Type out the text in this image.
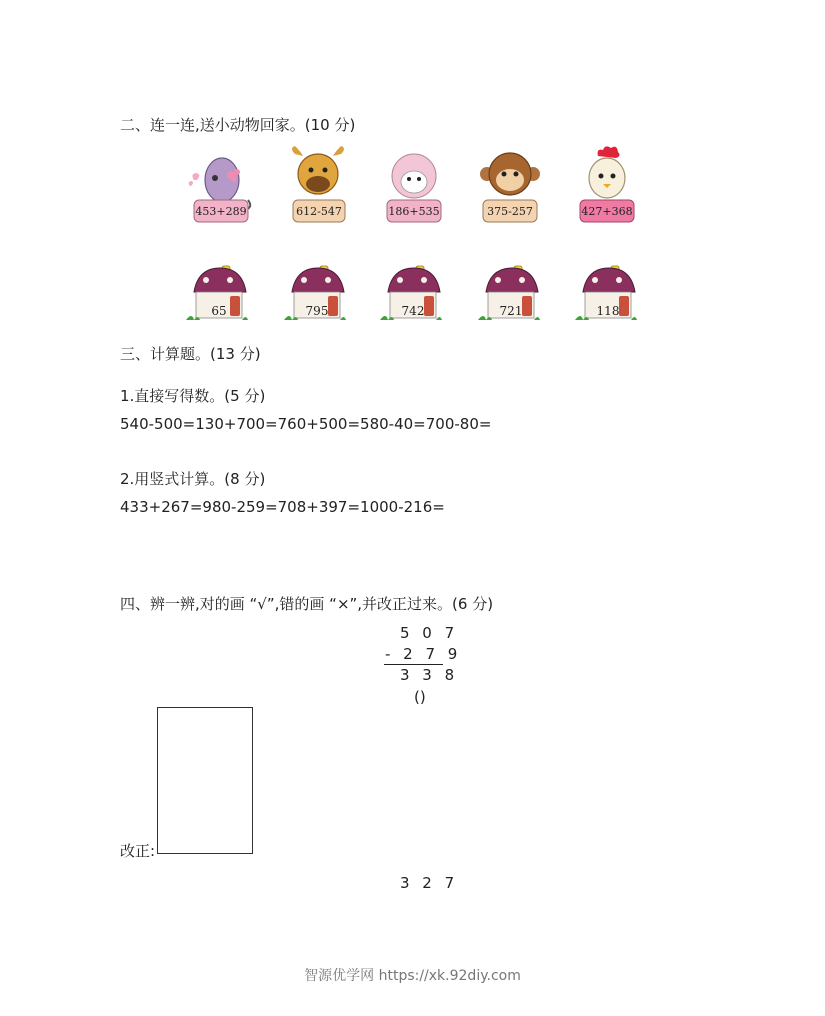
二、连一连,送小动物回家。(10 分)
453+289	612-547	186+535	375-257	427+368
65	795	742	721	118
三、计算题。(13 分)
1.直接写得数。(5 分)
540-500=130+700=760+500=580-40=700-80=
2.用竖式计算。(8 分)
433+267=980-259=708+397=1000-216=
四、辨一辨,对的画 “√”,错的画 “×”,并改正过来。(6 分)
5 0 7
- 2 7 9
3 3 8
()
改正:
3 2 7
智源优学网 https://xk.92diy.com
